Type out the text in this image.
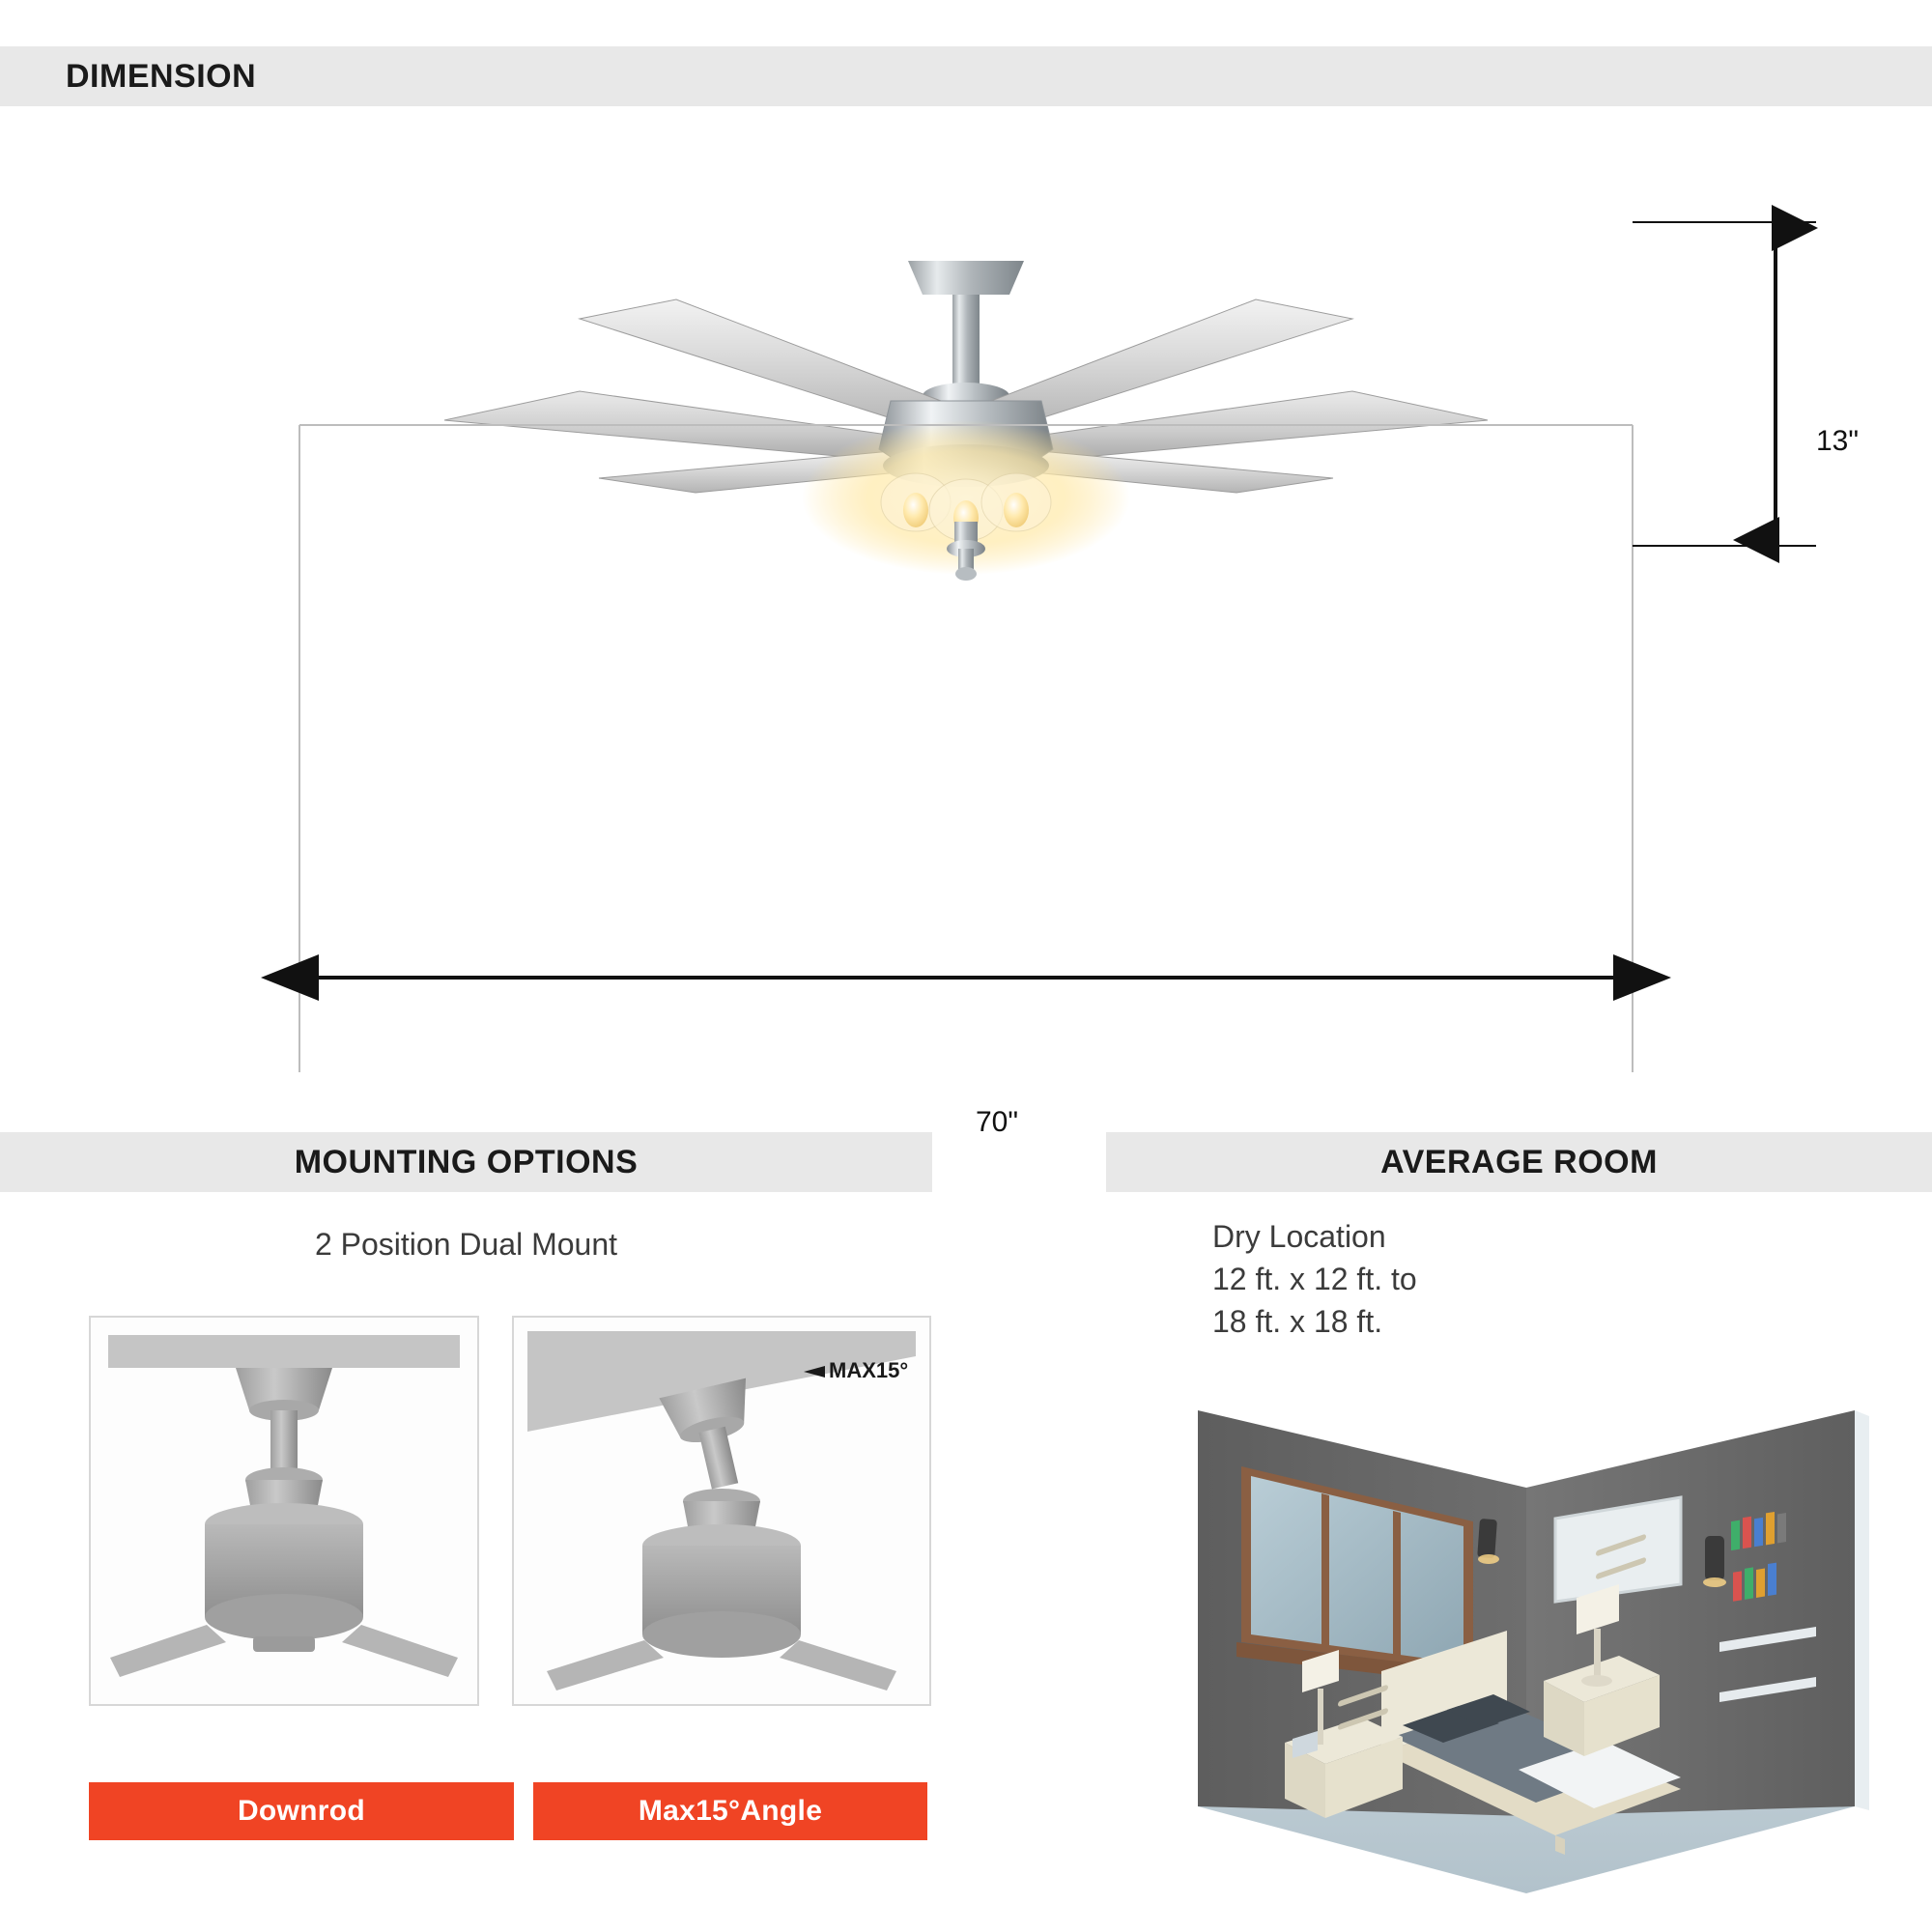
DIMENSION
13"
70"
MOUNTING OPTIONS
2 Position Dual Mount
MAX15°
Downrod	Max15°Angle
AVERAGE ROOM
Dry Location
12 ft. x 12 ft. to
18 ft. x 18 ft.
